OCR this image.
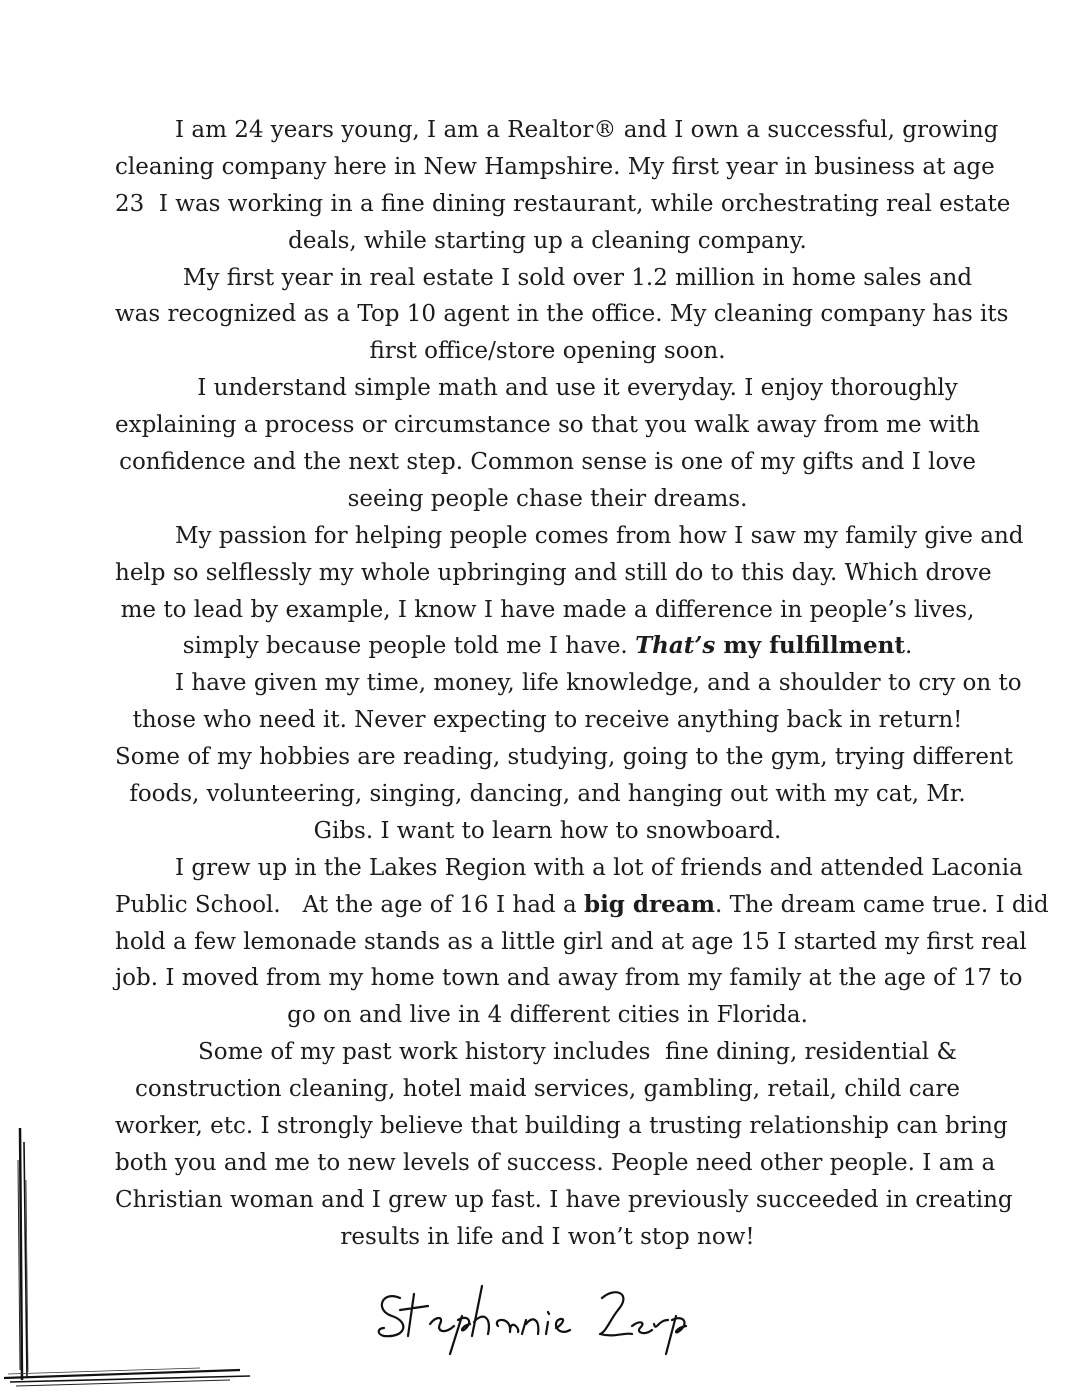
I am 24 years young, I am a Realtor® and I own a successful, growing
cleaning company here in New Hampshire. My first year in business at age
23  I was working in a fine dining restaurant, while orchestrating real estate
deals, while starting up a cleaning company.
My first year in real estate I sold over 1.2 million in home sales and
was recognized as a Top 10 agent in the office. My cleaning company has its
first office/store opening soon.
I understand simple math and use it everyday. I enjoy thoroughly
explaining a process or circumstance so that you walk away from me with
confidence and the next step. Common sense is one of my gifts and I love
seeing people chase their dreams.
My passion for helping people comes from how I saw my family give and
help so selflessly my whole upbringing and still do to this day. Which drove
me to lead by example, I know I have made a difference in people’s lives,
simply because people told me I have. That’s my fulfillment.
I have given my time, money, life knowledge, and a shoulder to cry on to
those who need it. Never expecting to receive anything back in return!
Some of my hobbies are reading, studying, going to the gym, trying different
foods, volunteering, singing, dancing, and hanging out with my cat, Mr.
Gibs. I want to learn how to snowboard.
I grew up in the Lakes Region with a lot of friends and attended Laconia
Public School.   At the age of 16 I had a big dream. The dream came true. I did
hold a few lemonade stands as a little girl and at age 15 I started my first real
job. I moved from my home town and away from my family at the age of 17 to
go on and live in 4 different cities in Florida.
Some of my past work history includes  fine dining, residential &
construction cleaning, hotel maid services, gambling, retail, child care
worker, etc. I strongly believe that building a trusting relationship can bring
both you and me to new levels of success. People need other people. I am a
Christian woman and I grew up fast. I have previously succeeded in creating
results in life and I won’t stop now!
